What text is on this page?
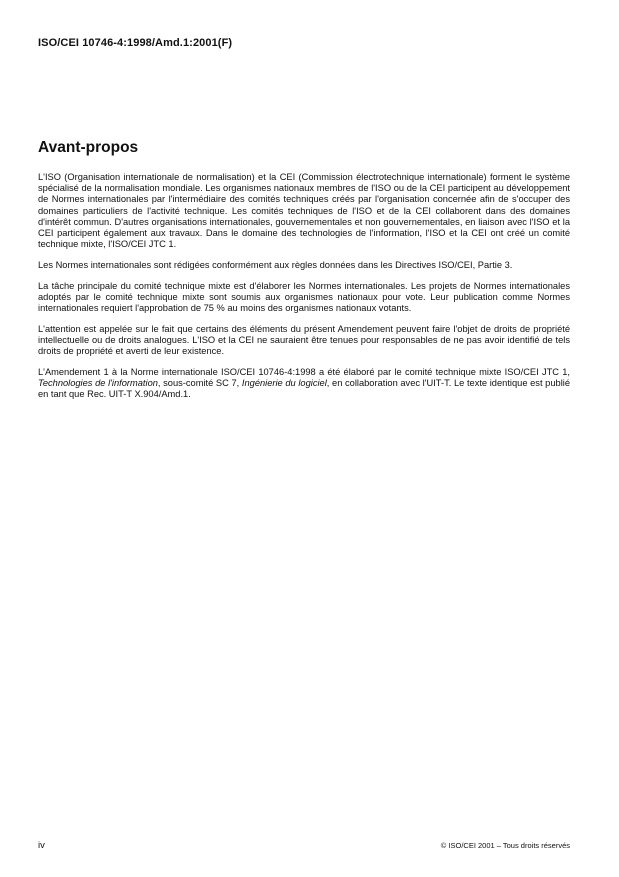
ISO/CEI 10746-4:1998/Amd.1:2001(F)
Avant-propos

L'ISO (Organisation internationale de normalisation) et la CEI (Commission électrotechnique internationale) forment le système spécialisé de la normalisation mondiale. Les organismes nationaux membres de l'ISO ou de la CEI participent au développement de Normes internationales par l'intermédiaire des comités techniques créés par l'organisation concernée afin de s'occuper des domaines particuliers de l'activité technique. Les comités techniques de l'ISO et de la CEI collaborent dans des domaines d'intérêt commun. D'autres organisations internationales, gouvernementales et non gouvernementales, en liaison avec l'ISO et la CEI participent également aux travaux. Dans le domaine des technologies de l'information, l'ISO et la CEI ont créé un comité technique mixte, l'ISO/CEI JTC 1.

Les Normes internationales sont rédigées conformément aux règles données dans les Directives ISO/CEI, Partie 3.

La tâche principale du comité technique mixte est d'élaborer les Normes internationales. Les projets de Normes internationales adoptés par le comité technique mixte sont soumis aux organismes nationaux pour vote. Leur publication comme Normes internationales requiert l'approbation de 75 % au moins des organismes nationaux votants.

L'attention est appelée sur le fait que certains des éléments du présent Amendement peuvent faire l'objet de droits de propriété intellectuelle ou de droits analogues. L'ISO et la CEI ne sauraient être tenues pour responsables de ne pas avoir identifié de tels droits de propriété et averti de leur existence.

L'Amendement 1 à la Norme internationale ISO/CEI 10746-4:1998 a été élaboré par le comité technique mixte ISO/CEI JTC 1, Technologies de l'information, sous-comité SC 7, Ingénierie du logiciel, en collaboration avec l'UIT-T. Le texte identique est publié en tant que Rec. UIT-T X.904/Amd.1.

iv	© ISO/CEI 2001 – Tous droits réservés
